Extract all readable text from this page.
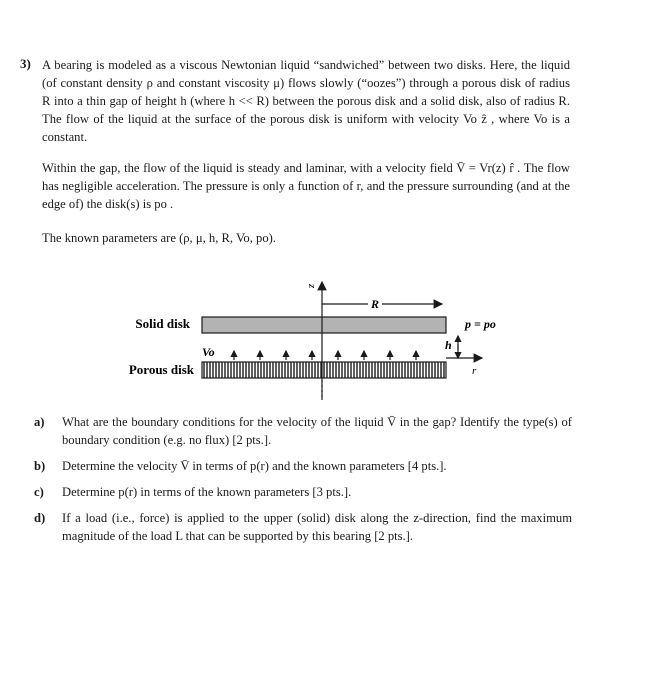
3) A bearing is modeled as a viscous Newtonian liquid “sandwiched” between two disks. Here, the liquid (of constant density ρ and constant viscosity μ) flows slowly (“oozes”) through a porous disk of radius R into a thin gap of height h (where h << R) between the porous disk and a solid disk, also of radius R. The flow of the liquid at the surface of the porous disk is uniform with velocity Vo ẑ , where Vo is a constant.
Within the gap, the flow of the liquid is steady and laminar, with a velocity field V̄ = Vr(z) r̂ . The flow has negligible acceleration. The pressure is only a function of r, and the pressure surrounding (and at the edge of) the disk(s) is po .
The known parameters are (ρ, μ, h, R, Vo, po).
Solid disk
Porous disk
z
R
r
h
p = po
Vo
a) What are the boundary conditions for the velocity of the liquid V̄ in the gap? Identify the type(s) of boundary condition (e.g. no flux) [2 pts.].
b) Determine the velocity V̄ in terms of p(r) and the known parameters [4 pts.].
c) Determine p(r) in terms of the known parameters [3 pts.].
d) If a load (i.e., force) is applied to the upper (solid) disk along the z-direction, find the maximum magnitude of the load L that can be supported by this bearing [2 pts.].
